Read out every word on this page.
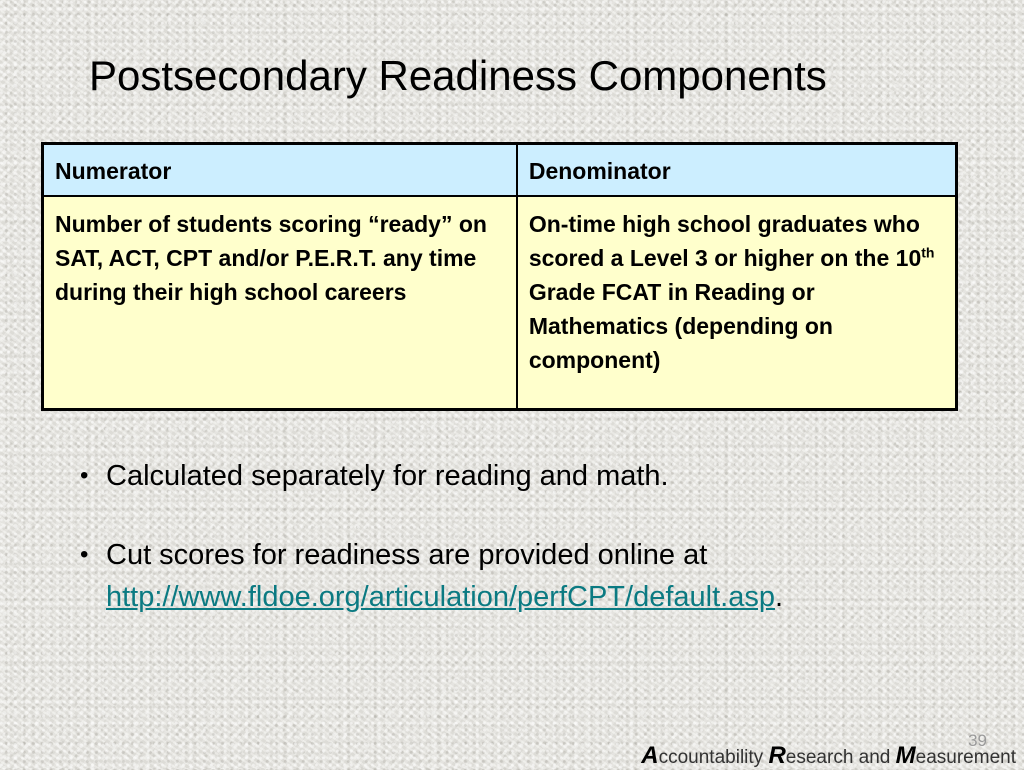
Postsecondary Readiness Components
Numerator	Denominator
Number of students scoring “ready” on SAT, ACT, CPT and/or P.E.R.T. any time during their high school careers	On-time high school graduates who scored a Level 3 or higher on the 10th Grade FCAT in Reading or Mathematics (depending on component)
• Calculated separately for reading and math.
• Cut scores for readiness are provided online at http://www.fldoe.org/articulation/perfCPT/default.asp.
39
Accountability Research and Measurement
